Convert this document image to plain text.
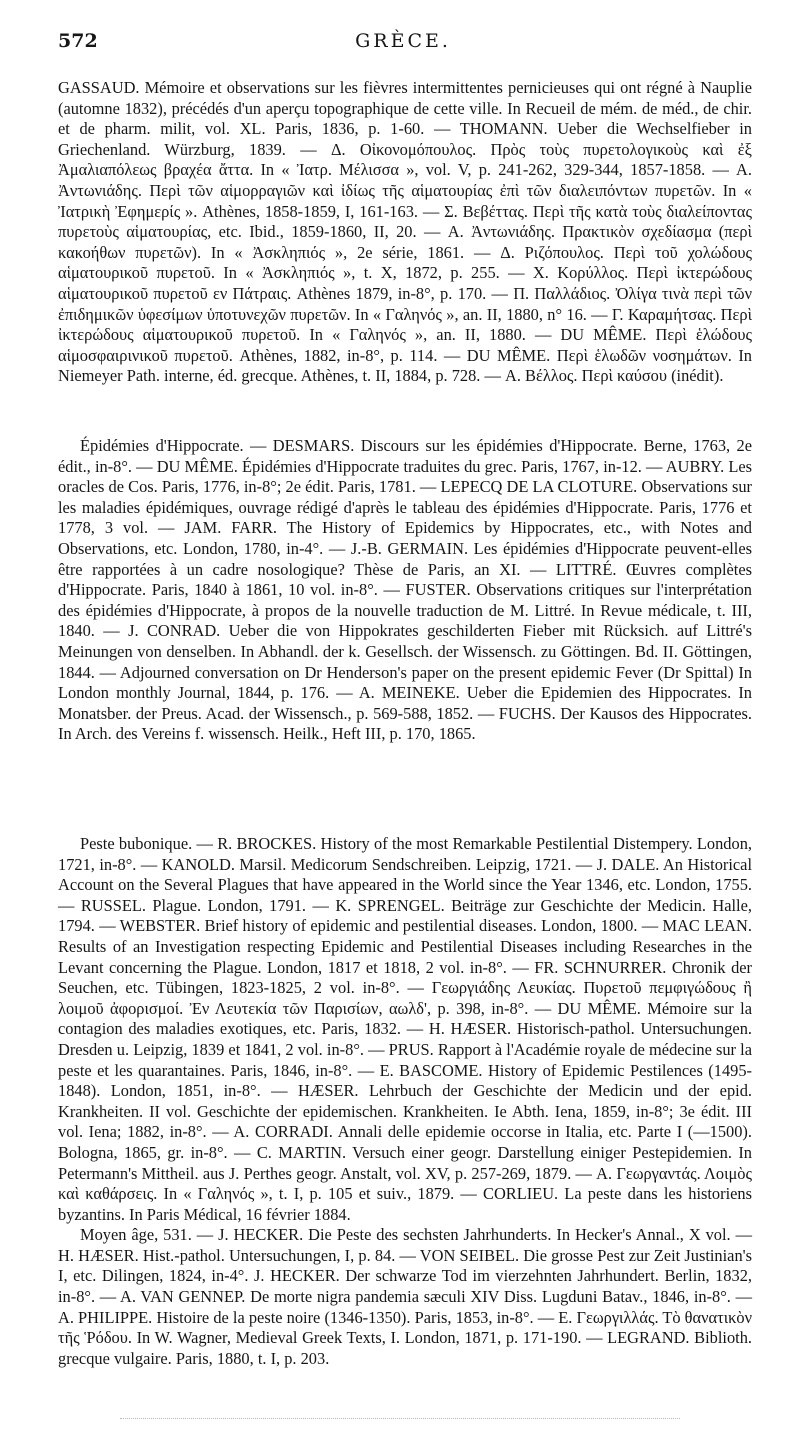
572	GRÈCE.

GASSAUD. Mémoire et observations sur les fièvres intermittentes pernicieuses qui ont régné à Nauplie (automne 1832), précédés d'un aperçu topographique de cette ville. In Recueil de mém. de méd., de chir. et de pharm. milit, vol. XL. Paris, 1836, p. 1-60. — THOMANN. Ueber die Wechselfieber in Griechenland. Würzburg, 1839. — Δ. Οἰκονομόπουλος. Πρὸς τοὺς πυρετολογικοὺς καὶ ἐξ Ἀμαλιαπόλεως βραχέα ἄττα. In « Ἰατρ. Μέλισσα », vol. V, p. 241-262, 329-344, 1857-1858. — Α. Ἀντωνιάδης. Περὶ τῶν αἱμορραγιῶν καὶ ἰδίως τῆς αἱματουρίας ἐπὶ τῶν διαλειπόντων πυρετῶν. In « Ἰατρικὴ Ἐφημερίς ». Athènes, 1858-1859, I, 161-163. — Σ. Βεβέττας. Περὶ τῆς κατὰ τοὺς διαλείποντας πυρετοὺς αἱματουρίας, etc. Ibid., 1859-1860, II, 20. — Α. Ἀντωνιάδης. Πρακτικὸν σχεδίασμα (περὶ κακοήθων πυρετῶν). In « Ἀσκληπιός », 2e série, 1861. — Δ. Ριζόπουλος. Περὶ τοῦ χολώδους αἱματουρικοῦ πυρετοῦ. In « Ἀσκληπιός », t. X, 1872, p. 255. — Χ. Κορύλλος. Περὶ ἰκτερώδους αἱματουρικοῦ πυρετοῦ εν Πάτραις. Athènes 1879, in-8°, p. 170. — Π. Παλλάδιος. Ὀλίγα τινὰ περὶ τῶν ἐπιδημικῶν ὑφεσίμων ὑποτυνεχῶν πυρετῶν. In « Γαληνός », an. II, 1880, n° 16. — Γ. Καραμήτσας. Περὶ ἰκτερώδους αἱματουρικοῦ πυρετοῦ. In « Γαληνός », an. II, 1880. — DU MÊME. Περὶ ἑλώδους αἱμοσφαιρινικοῦ πυρετοῦ. Athènes, 1882, in-8°, p. 114. — DU MÊME. Περὶ ἑλωδῶν νοσημάτων. In Niemeyer Path. interne, éd. grecque. Athènes, t. II, 1884, p. 728. — Α. Βέλλος. Περὶ καύσου (inédit).

Épidémies d'Hippocrate. — DESMARS. Discours sur les épidémies d'Hippocrate. Berne, 1763, 2e édit., in-8°. — DU MÊME. Épidémies d'Hippocrate traduites du grec. Paris, 1767, in-12. — AUBRY. Les oracles de Cos. Paris, 1776, in-8°; 2e édit. Paris, 1781. — LEPECQ DE LA CLOTURE. Observations sur les maladies épidémiques, ouvrage rédigé d'après le tableau des épidémies d'Hippocrate. Paris, 1776 et 1778, 3 vol. — JAM. FARR. The History of Epidemics by Hippocrates, etc., with Notes and Observations, etc. London, 1780, in-4°. — J.-B. GERMAIN. Les épidémies d'Hippocrate peuvent-elles être rapportées à un cadre nosologique? Thèse de Paris, an XI. — LITTRÉ. Œuvres complètes d'Hippocrate. Paris, 1840 à 1861, 10 vol. in-8°. — FUSTER. Observations critiques sur l'interprétation des épidémies d'Hippocrate, à propos de la nouvelle traduction de M. Littré. In Revue médicale, t. III, 1840. — J. CONRAD. Ueber die von Hippokrates geschilderten Fieber mit Rücksich. auf Littré's Meinungen von denselben. In Abhandl. der k. Gesellsch. der Wissensch. zu Göttingen. Bd. II. Göttingen, 1844. — Adjourned conversation on Dr Henderson's paper on the present epidemic Fever (Dr Spittal) In London monthly Journal, 1844, p. 176. — A. MEINEKE. Ueber die Epidemien des Hippocrates. In Monatsber. der Preus. Acad. der Wissensch., p. 569-588, 1852. — FUCHS. Der Kausos des Hippocrates. In Arch. des Vereins f. wissensch. Heilk., Heft III, p. 170, 1865.

Peste bubonique. — R. BROCKES. History of the most Remarkable Pestilential Distempery. London, 1721, in-8°. — KANOLD. Marsil. Medicorum Sendschreiben. Leipzig, 1721. — J. DALE. An Historical Account on the Several Plagues that have appeared in the World since the Year 1346, etc. London, 1755. — RUSSEL. Plague. London, 1791. — K. SPRENGEL. Beiträge zur Geschichte der Medicin. Halle, 1794. — WEBSTER. Brief history of epidemic and pestilential diseases. London, 1800. — MAC LEAN. Results of an Investigation respecting Epidemic and Pestilential Diseases including Researches in the Levant concerning the Plague. London, 1817 et 1818, 2 vol. in-8°. — FR. SCHNURRER. Chronik der Seuchen, etc. Tübingen, 1823-1825, 2 vol. in-8°. — Γεωργιάδης Λευκίας. Πυρετοῦ πεμφιγώδους ἢ λοιμοῦ ἀφορισμοί. Ἐν Λευτεκία τῶν Παρισίων, αωλδ', p. 398, in-8°. — DU MÊME. Mémoire sur la contagion des maladies exotiques, etc. Paris, 1832. — H. HÆSER. Historisch-pathol. Untersuchungen. Dresden u. Leipzig, 1839 et 1841, 2 vol. in-8°. — PRUS. Rapport à l'Académie royale de médecine sur la peste et les quarantaines. Paris, 1846, in-8°. — E. BASCOME. History of Epidemic Pestilences (1495-1848). London, 1851, in-8°. — HÆSER. Lehrbuch der Geschichte der Medicin und der epid. Krankheiten. II vol. Geschichte der epidemischen. Krankheiten. Ie Abth. Iena, 1859, in-8°; 3e édit. III vol. Iena; 1882, in-8°. — A. CORRADI. Annali delle epidemie occorse in Italia, etc. Parte I (—1500). Bologna, 1865, gr. in-8°. — C. MARTIN. Versuch einer geogr. Darstellung einiger Pestepidemien. In Petermann's Mittheil. aus J. Perthes geogr. Anstalt, vol. XV, p. 257-269, 1879. — Α. Γεωργαντάς. Λοιμὸς καὶ καθάρσεις. In « Γαληνός », t. I, p. 105 et suiv., 1879. — CORLIEU. La peste dans les historiens byzantins. In Paris Médical, 16 février 1884.

Moyen âge, 531. — J. HECKER. Die Peste des sechsten Jahrhunderts. In Hecker's Annal., X vol. — H. HÆSER. Hist.-pathol. Untersuchungen, I, p. 84. — VON SEIBEL. Die grosse Pest zur Zeit Justinian's I, etc. Dilingen, 1824, in-4°. J. HECKER. Der schwarze Tod im vierzehnten Jahrhundert. Berlin, 1832, in-8°. — A. VAN GENNEP. De morte nigra pandemia sæculi XIV Diss. Lugduni Batav., 1846, in-8°. — A. PHILIPPE. Histoire de la peste noire (1346-1350). Paris, 1853, in-8°. — E. Γεωργιλλάς. Τὸ θανατικὸν τῆς Ῥόδου. In W. Wagner, Medieval Greek Texts, I. London, 1871, p. 171-190. — LEGRAND. Biblioth. grecque vulgaire. Paris, 1880, t. I, p. 203.
